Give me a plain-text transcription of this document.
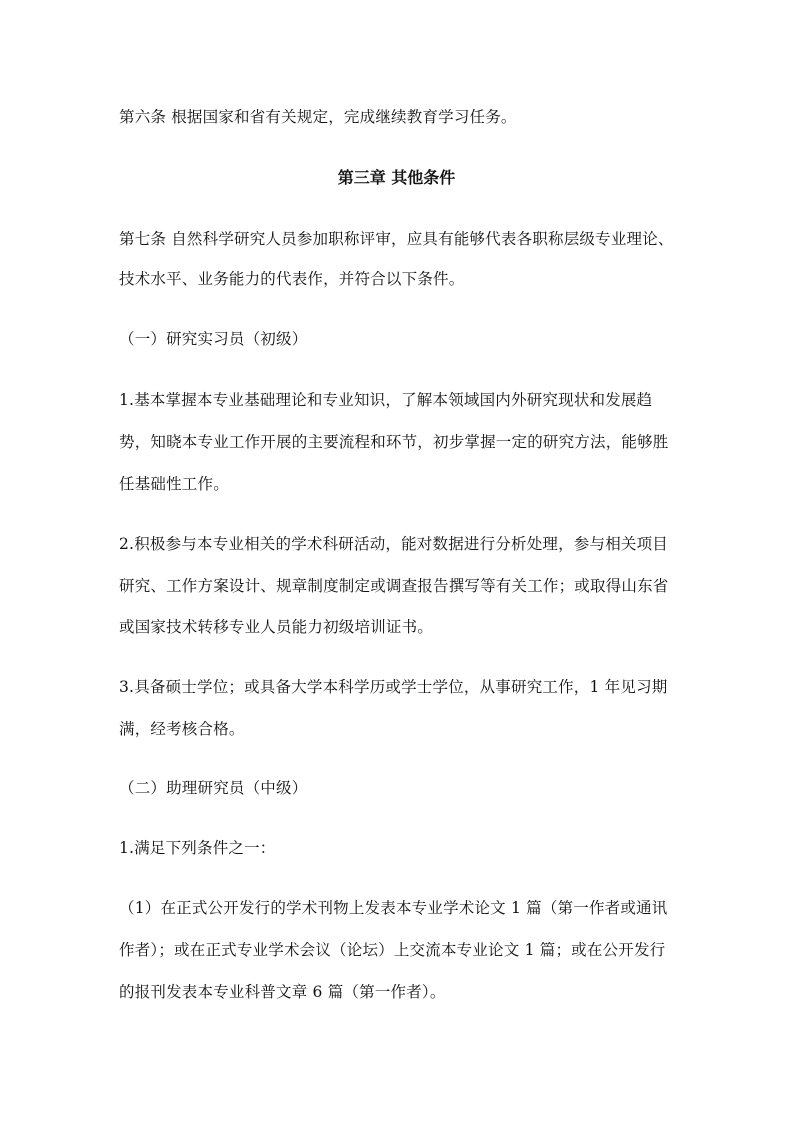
第六条 根据国家和省有关规定，完成继续教育学习任务。
第三章 其他条件
第七条 自然科学研究人员参加职称评审，应具有能够代表各职称层级专业理论、
技术水平、业务能力的代表作，并符合以下条件。
（一）研究实习员（初级）
1.基本掌握本专业基础理论和专业知识，了解本领域国内外研究现状和发展趋
势，知晓本专业工作开展的主要流程和环节，初步掌握一定的研究方法，能够胜
任基础性工作。
2.积极参与本专业相关的学术科研活动，能对数据进行分析处理，参与相关项目
研究、工作方案设计、规章制度制定或调查报告撰写等有关工作；或取得山东省
或国家技术转移专业人员能力初级培训证书。
3.具备硕士学位；或具备大学本科学历或学士学位，从事研究工作，1 年见习期
满，经考核合格。
（二）助理研究员（中级）
1.满足下列条件之一：
（1）在正式公开发行的学术刊物上发表本专业学术论文 1 篇（第一作者或通讯
作者）；或在正式专业学术会议（论坛）上交流本专业论文 1 篇；或在公开发行
的报刊发表本专业科普文章 6 篇（第一作者）。
